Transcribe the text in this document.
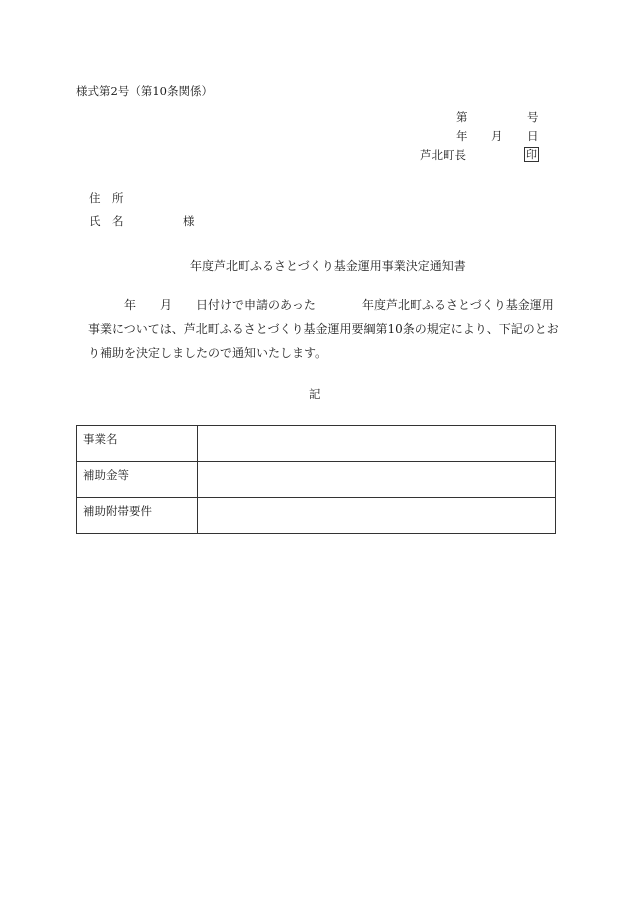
様式第2号（第10条関係）
第	号
年 月 日
芦北町長	印
住　所
氏　名	様
年度芦北町ふるさとづくり基金運用事業決定通知書
年 月 日付けで申請のあった	年度芦北町ふるさとづくり基金運用
事業については、芦北町ふるさとづくり基金運用要綱第10条の規定により、下記のとお
り補助を決定しましたので通知いたします。
記
事業名	
補助金等	
補助附帯要件	
